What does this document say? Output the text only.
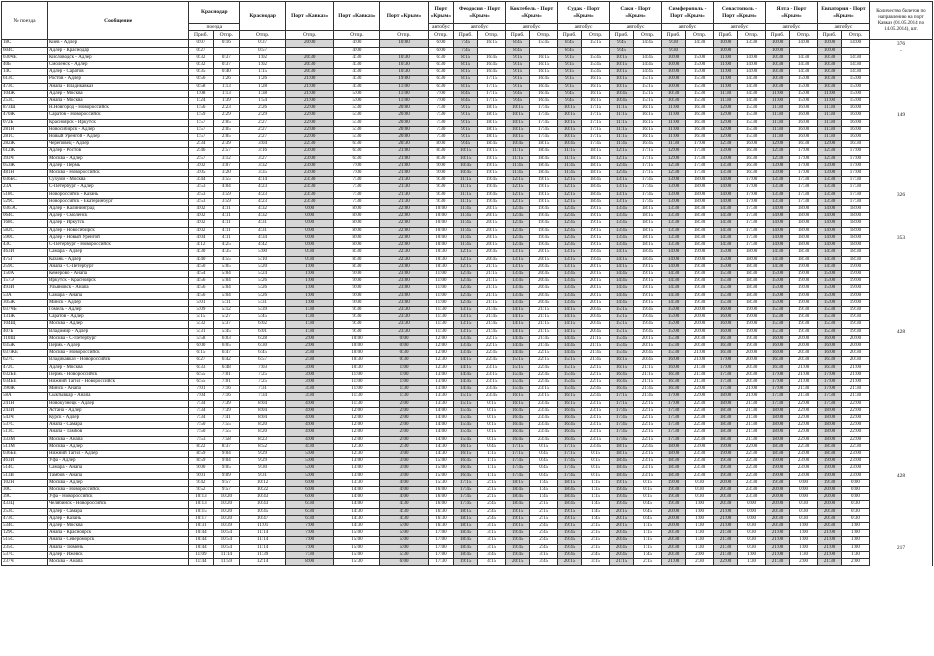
№ поезда	Сообщение	Краснодар		Краснодар	Порт «Кавказ»	Порт «Кавказ»	Порт «Крым»	Порт «Крым»	Феодосия - Порт «Крым»		Коктебель - Порт «Крым»		Судак - Порт «Крым»		Саки - Порт «Крым»		Симферополь - Порт «Крым»		Севастополь - Порт «Крым»		Ялта - Порт «Крым»		Евпатория - Порт «Крым»		Количество билетов по направлению на порт Кавказ (01.05.2014 по 14.05.2014), шт.
		поезда						автобус	автобус		автобус		автобус		автобус		автобус		автобус		автобус		автобус		
		Приб.	Отпр.	Отпр.	Отпр.	Отпр.	Отпр.	Отпр.	Приб.	Отпр.	Приб.	Отпр.	Приб.	Отпр.	Приб.	Отпр.	Приб.	Отпр.	Приб.	Отпр.	Приб.	Отпр.	Приб.	Отпр.	
18С	Киев - Адлер	0:07	0:16	0:37	20:00	4:00	10:00	6:00	7:45	16:15	8:45	15:45	8:45	15:15	9:45	14:45	9:30	14:30	10:00	13:30	10:00	14:00	10:00	14:00	376
604С	Адлер - Краснодар	0:27		0:57		4:00		6:00	7:45		8:45		8:45		9:45		9:30		10:00		10:00		10:00		-
030ЧЕ	Кисловодск - Адлер	0:32	0:37	1:02	20:30	4:30	10:30	6:30	8:15	16:45	9:15	16:15	9:15	15:45	10:15	14:45	10:00	15:00	11:00	14:00	10:30	14:30	10:30	14:30	
40Б	Смоленск - Адлер	0:32	0:37	1:02	20:30	4:30	10:30	6:30	8:15	16:45	9:15	16:15	9:15	15:45	10:15	14:45	10:00	15:00	11:00	14:00	10:30	14:30	10:30	14:30	
14С	Адлер - Саратов	0:35	0:40	1:15	20:30	4:30	10:30	6:30	8:15	16:45	9:15	16:15	9:15	15:45	10:15	14:45	10:00	15:00	11:00	14:00	10:30	14:30	10:30	14:30	
613С	Ростов - Адлер	0:56	1:26	1:26	21:00	4:30	19:00	6:30	8:15	17:15	9:15	16:45	9:15	16:15	10:15	15:15	10:00	15:30	11:00	14:30	10:30	15:00	10:30	15:00	
473С	Анапа - Владикавказ	0:58	1:13	1:28	21:00	4:30	11:00	6:30	8:15	17:15	9:15	16:45	9:15	16:15	10:15	15:15	10:00	15:30	11:00	14:30	10:30	15:00	10:30	15:00	
104Ж	Адлер - Москва	1:08	1:13	1:38	21:00	5:00	11:00	7:00	8:45	17:15	9:45	16:45	9:45	16:15	10:45	15:15	10:30	15:30	11:30	14:30	11:00	15:00	11:00	15:00	
253С	Анапа - Москва	1:24	1:39	1:54	21:00	5:00	11:00	7:00	8:45	17:15	9:45	16:45	9:45	16:15	10:45	15:15	10:30	15:30	11:30	14:30	11:00	15:00	11:00	15:00	
873Ш	Н.Новгород - Новороссийск	1:56	2:23	2:26	22:00	5:30	20:00	7:30	9:15	18:15	10:15	17:45	10:15	17:15	11:15	16:15	11:00	16:30	12:00	15:30	11:30	16:00	11:30	16:00	
470Ж	Саратов - Новороссийск	1:59	2:29	2:29	22:00	5:30	20:00	7:30	9:15	18:15	10:15	17:45	10:15	17:15	11:15	16:15	11:00	16:30	12:00	15:30	11:30	16:00	11:30	16:00	149
072Б	Красноярск - Иркутск	1:57	2:05	2:27	22:00	5:30	20:00	7:30	9:15	18:15	10:15	17:45	10:15	17:15	11:15	16:15	11:00	16:30	12:00	15:30	11:30	16:00	11:30	16:00	
281Н	Новосибирск - Адлер	1:57	2:05	2:27	22:00	5:30	20:00	7:30	9:15	18:15	10:15	17:45	10:15	17:15	11:15	16:15	11:00	16:30	12:00	15:30	11:30	16:00	11:30	16:00	
281С	Новый Уренгой - Адлер	1:57	2:05	2:27	22:00	5:30	20:00	7:30	9:15	18:15	10:15	17:45	10:15	17:15	11:15	16:15	11:00	16:30	12:00	15:30	11:30	16:00	11:30	16:00	
282Ж	Череповец - Адлер	2:34	2:39	3:04	22:30	6:30	20:30	8:00	9:45	18:45	10:45	18:15	10:45	17:45	11:45	16:45	11:30	17:00	12:30	16:00	12:00	16:30	12:00	16:30	
612Ж	Адлер - Ростов	2:46	2:57	3:16	23:00	6:30	21:00	8:30	10:15	19:15	11:15	18:45	11:15	18:15	12:15	17:15	12:00	17:30	13:00	16:30	12:30	17:00	12:30	17:00	
393Ч	Москва - Адлер	2:57	3:12	3:27	23:00	6:30	21:00	8:30	10:15	19:15	11:15	18:45	11:15	18:15	12:15	17:15	12:00	17:30	13:00	16:30	12:30	17:00	12:30	17:00	
053Ж	Адлер - Пермь	3:02	3:07	3:32	23:00	7:00	21:00	9:00	10:45	19:15	11:45	18:45	11:45	18:15	12:45	17:15	12:30	17:30	13:30	16:30	13:00	17:00	13:00	17:00	
481Н	Москва - Новороссийск	3:05	3:20	3:35	23:00	7:00	21:00	9:00	10:45	19:15	11:45	18:45	11:45	18:15	12:45	17:15	12:30	17:30	13:30	16:30	13:00	17:00	13:00	17:00	
036БС	Сухуми - Москва	3:44	3:55	4:14	23:30	7:30	21:30	9:30	11:15	19:45	12:15	19:15	12:15	18:45	13:15	17:45	13:00	18:00	14:00	17:00	13:30	17:30	13:30	17:30	
23А	С-Петербург - Адлер	3:53	4:04	4:23	23:30	7:30	21:30	9:30	11:15	19:45	12:15	19:15	12:15	18:45	13:15	17:45	13:00	18:00	14:00	17:00	13:30	17:30	13:30	17:30	
518С	Новороссийск - Казань	3:53	3:59	4:23	23:30	7:30	21:30	9:30	11:15	19:45	12:15	19:15	12:15	18:45	13:15	17:45	13:00	18:00	14:00	17:00	13:30	17:30	13:30	17:30	326
529С	Новороссийск - Екатеринбург	3:53	3:59	4:23	23:30	7:30	21:30	9:30	11:15	19:45	12:15	19:15	12:15	18:45	13:15	17:45	13:00	18:00	14:00	17:00	13:30	17:30	13:30	17:30	
036ЭС	Адлер - Калининград	4:02	4:11	4:32	0:00	8:00	22:00	10:00	11:45	20:15	12:45	19:45	12:45	19:15	13:45	18:15	13:30	18:30	14:30	17:30	14:00	18:00	14:00	18:00	
064С	Адлер - Смоленск	4:02	4:11	4:32	0:00	8:00	22:00	10:00	11:45	20:15	12:45	19:45	12:45	19:15	13:45	18:15	13:30	18:30	14:30	17:30	14:00	18:00	14:00	18:00	
168С	Адлер - Иркутск	4:02	4:11	4:31	0:00	8:00	22:00	10:00	11:45	20:15	12:45	19:45	12:45	19:15	13:45	18:15	13:30	18:30	14:30	17:30	14:00	18:00	14:00	18:00	
582С	Адлер - Новосибирск	4:02	4:11	4:31	0:00	8:00	22:00	10:00	11:45	20:15	12:45	19:45	12:45	19:15	13:45	18:15	13:30	18:30	14:30	17:30	14:00	18:00	14:00	18:00	
590С	Адлер - Новый Уренгой	4:04	4:11	4:34	0:00	8:00	22:00	10:00	11:45	20:15	12:45	19:45	12:45	19:15	13:45	18:15	13:30	18:30	14:30	17:30	14:00	18:00	14:00	18:00	353
43С	С-Петербург - Новороссийск	4:12	4:25	4:42	0:00	8:00	22:00	10:00	11:45	20:15	12:45	19:45	12:45	19:15	13:45	18:15	13:30	18:30	14:30	17:30	14:00	18:00	14:00	18:00	
463И	Самара - Адлер	4:30	4:35	5:00	0:30	8:30	22:30	10:30	12:15	20:45	13:15	20:15	13:15	19:45	14:15	18:45	14:00	19:00	15:00	18:00	14:30	18:30	14:30	18:30	
475Г	Казань - Адлер	4:40	4:55	5:10	0:30	8:30	22:30	10:30	12:15	20:45	13:15	20:15	13:15	19:45	14:15	18:45	14:00	19:00	15:00	18:00	14:30	18:30	14:30	18:30	
259С	Анапа - С-Петербург	4:50	5:05	5:20	1:00	8:30	23:00	10:30	12:15	21:15	13:15	20:45	13:15	20:15	14:15	19:15	14:00	19:30	15:00	18:30	14:30	19:00	14:30	19:00	
150А	Кемерово - Анапа	4:54	5:04	5:24	1:00	9:00	23:00	11:00	12:45	21:15	13:45	20:45	13:45	20:15	14:45	19:15	14:30	19:30	15:30	18:30	15:00	19:00	15:00	19:00	
157Э	Иркутск - Красноярск	4:56	5:04	5:26	1:00	9:00	23:00	11:00	12:45	21:15	13:45	20:45	13:45	20:15	14:45	19:15	14:30	19:30	15:30	18:30	15:00	19:00	15:00	19:00	
493И	Ульяновск - Анапа	4:56	5:04	5:26	1:00	9:00	23:00	11:00	12:45	21:15	13:45	20:45	13:45	20:15	14:45	19:15	14:30	19:30	15:30	18:30	15:00	19:00	15:00	19:00	
53А	Самара - Анапа	4:56	5:04	5:26	1:00	9:00	23:00	11:00	12:45	21:15	13:45	20:45	13:45	20:15	14:45	19:15	14:30	19:30	15:30	18:30	15:00	19:00	15:00	19:00	
305Ж	Минск - Адлер	5:01	5:11	5:31	1:00	9:00	23:00	11:00	12:45	21:15	13:45	20:45	13:45	20:15	14:45	19:15	14:30	19:30	15:30	18:30	15:00	19:00	15:00	19:00	
037ЧБ	Гомель - Адлер	5:09	5:12	5:39	1:30	9:30	23:30	11:30	13:15	21:45	14:15	21:15	14:15	20:45	15:15	19:45	15:00	20:00	16:00	19:00	15:30	19:30	15:30	19:30	
131Ж	Саратов - Адлер	5:15	5:27	5:45	1:30	9:30	23:30	11:30	13:15	21:45	14:15	21:15	14:15	20:45	15:15	19:45	15:00	20:00	16:00	19:00	15:30	19:30	15:30	19:30	
104Щ	Москва - Адлер	5:32	5:37	6:02	1:30	9:30	23:30	11:30	13:15	21:45	14:15	21:15	14:15	20:45	15:15	19:45	15:00	20:00	16:00	19:00	15:30	19:30	15:30	19:30	
407Б	Владимир - Адлер	5:31	5:45	6:01	1:30	9:30	23:30	11:30	13:15	21:45	14:15	21:15	14:15	20:45	15:15	19:45	15:00	20:00	16:00	19:00	15:30	19:30	15:30	19:30	428
110Ш	Москва - С-Петербург	5:58	6:03	6:28	2:00	10:00	0:00	12:00	13:45	22:15	14:45	21:45	14:45	21:15	15:45	20:15	15:30	20:30	16:30	19:30	16:00	20:00	16:00	20:00	
035Ж	Пермь - Адлер	6:00	6:05	6:30	2:00	10:00	0:00	12:00	13:45	22:15	14:45	21:45	14:45	21:15	15:45	20:15	15:30	20:30	16:30	19:30	16:00	20:00	16:00	20:00	
037ЖЕ	Москва - Новороссийск	6:15	6:47	6:45	2:30	10:00	0:30	12:00	13:45	22:45	14:45	22:15	14:45	21:45	15:45	20:45	15:30	21:00	16:30	20:00	16:00	20:30	16:00	20:30	
627С	Владикавказ - Новороссийск	6:27	6:42	6:57	2:30	10:30	0:30	12:30	14:15	22:45	15:15	22:15	15:15	21:45	16:15	20:45	16:00	21:00	17:00	20:00	16:30	20:30	16:30	20:30	
472С	Адлер - Москва	6:33	6:48	7:03	3:00	10:30	1:00	12:30	14:15	23:15	15:15	22:45	15:15	22:15	16:15	21:15	16:00	21:30	17:00	20:30	16:30	21:00	16:30	21:00	
032БЕ	Пермь - Новороссийск	6:55	7:01	7:25	3:00	11:00	1:00	13:00	14:45	23:15	15:45	22:45	15:45	22:15	16:45	21:15	16:30	21:30	17:30	20:30	17:00	21:00	17:00	21:00	
034БЕ	Нижний Тагил - Новороссийск	6:55	7:01	7:25	3:00	11:00	1:00	13:00	14:45	23:15	15:45	22:45	15:45	22:15	16:45	21:15	16:30	21:30	17:30	20:30	17:00	21:00	17:00	21:00	
390Ж	Минск - Анапа	7:01	7:16	7:31	3:30	11:00	1:30	13:00	14:45	23:45	15:45	23:15	15:45	22:45	16:45	21:45	16:30	22:00	17:30	21:00	17:00	21:30	17:00	21:30	
58А	Сыктывкар - Анапа	7:04	7:16	7:34	3:30	11:30	1:30	13:30	15:15	23:45	16:15	23:15	16:15	22:45	17:15	21:45	17:00	22:00	18:00	21:00	17:30	21:30	17:30	21:30	
241Н	Новокузнецк - Адлер	7:34	7:39	8:04	4:00	11:30	2:00	13:30	15:15	0:15	16:15	23:45	16:15	23:15	17:15	22:15	17:00	22:30	18:00	21:30	17:30	22:00	17:30	22:00	
243И	Астана - Адлер	7:34	7:39	8:04	4:00	12:00	2:00	14:00	15:45	0:15	16:45	23:45	16:45	23:15	17:45	22:15	17:30	22:30	18:30	21:30	18:00	22:00	18:00	22:00	
543Ч	Курск - Адлер	7:34	7:41	8:04	4:00	12:00	2:00	14:00	15:45	0:15	16:45	23:45	16:45	23:15	17:45	22:15	17:30	22:30	18:30	21:30	18:00	22:00	18:00	22:00	
537С	Анапа - Самара	7:50	7:55	8:20	4:00	12:00	2:00	14:00	15:45	0:15	16:45	23:45	16:45	23:15	17:45	22:15	17:30	22:30	18:30	21:30	18:00	22:00	18:00	22:00	
513С	Анапа - Тамбов	7:50	7:55	8:20	4:00	12:00	2:00	14:00	15:45	0:15	16:45	23:45	16:45	23:15	17:45	22:15	17:30	22:30	18:30	21:30	18:00	22:00	18:00	22:00	
333М	Москва - Анапа	7:53	7:58	8:23	4:00	12:00	2:00	14:00	15:45	0:15	16:45	23:45	16:45	23:15	17:45	22:15	17:30	22:30	18:30	21:30	18:00	22:00	18:00	22:00	
511М	Москва - Адлер	8:22	8:37	8:52	4:30	12:30	2:30	14:30	16:15	0:45	17:15	0:15	17:15	23:45	18:15	22:45	18:00	23:00	19:00	22:00	18:30	22:30	18:30	22:30	
036БЕ	Нижний Тагил - Адлер	8:59	9:04	9:29	5:00	12:30	3:00	14:30	16:15	1:15	17:15	0:45	17:15	0:15	18:15	23:15	18:00	23:30	19:00	22:30	18:30	23:00	18:30	23:00	
463И	Уфа - Адлер	8:59	9:04	9:29	5:00	13:00	3:00	15:00	16:45	1:15	17:45	0:45	17:45	0:15	18:45	23:15	18:30	23:30	19:30	22:30	19:00	23:00	19:00	23:00	
514С	Самара - Анапа	9:00	9:05	9:30	5:00	13:00	3:00	15:00	16:45	1:15	17:45	0:45	17:45	0:15	18:45	23:15	18:30	23:30	19:30	22:30	19:00	23:00	19:00	23:00	
513В	Тамбов - Анапа	9:01	9:09	9:31	5:00	13:00	3:00	15:00	16:45	1:15	17:45	0:45	17:45	0:15	18:45	23:15	18:30	23:30	19:30	22:30	19:00	23:00	19:00	23:00	428
102Н	Москва - Адлер	9:42	9:57	10:12	6:00	13:30	4:00	15:30	17:15	2:15	18:15	1:45	18:15	1:15	19:15	0:15	19:00	0:30	20:00	23:30	19:30	0:00	19:30	0:00	
30С	Москва - Новороссийск	9:52	9:57	10:22	6:00	14:00	4:00	16:00	17:45	2:15	18:45	1:45	18:45	1:15	19:45	0:15	19:30	0:30	20:30	23:30	20:00	0:00	20:00	0:00	
39С	Уфа - Новороссийск	10:13	10:20	10:43	6:00	14:00	4:00	16:00	17:45	2:15	18:45	1:45	18:45	1:15	19:45	0:15	19:30	0:30	20:30	23:30	20:00	0:00	20:00	0:00	
433Ц	Челябинск - Новороссийск	10:13	10:20	10:43	6:30	14:00	4:30	16:00	17:45	2:45	18:45	2:15	18:45	1:45	19:45	0:45	19:30	1:00	20:30	0:00	20:00	0:30	20:00	0:30	
253С	Адлер - Самара	10:15	10:20	10:45	6:30	14:30	4:30	16:30	18:15	2:45	19:15	2:15	19:15	1:45	20:15	0:45	20:00	1:00	21:00	0:00	20:30	0:30	20:30	0:30	
473С	Адлер - Казань	10:17	10:20	10:47	6:30	14:30	4:30	16:30	18:15	2:45	19:15	2:15	19:15	1:45	20:15	0:45	20:00	1:00	21:00	0:00	20:30	0:30	20:30	0:30	
534С	Адлер - Москва	10:31	10:39	11:01	7:00	14:30	5:00	16:30	18:15	3:15	19:15	2:45	19:15	2:15	20:15	1:15	20:00	1:30	21:00	0:30	20:30	1:00	20:30	1:00	
129С	Анапа - Красноярск	10:44	10:54	11:14	7:00	15:00	5:00	17:00	18:45	3:15	19:45	2:45	19:45	2:15	20:45	1:15	20:30	1:30	21:30	0:30	21:00	1:00	21:00	1:00	
515С	Анапа - Североморск	10:44	10:54	11:14	7:00	15:00	5:00	17:00	18:45	3:15	19:45	2:45	19:45	2:15	20:45	1:15	20:30	1:30	21:30	0:30	21:00	1:00	21:00	1:00	
235С	Анапа - Тюмень	10:44	10:54	11:14	7:00	15:00	5:00	17:00	18:45	3:15	19:45	2:45	19:45	2:15	20:45	1:15	20:30	1:30	21:30	0:30	21:00	1:00	21:00	1:00	217
537С	Адлер - Ижевск	11:09	11:14	11:39	7:30	15:00	5:30	17:00	18:45	3:45	19:45	3:15	19:45	2:45	20:45	1:45	20:30	2:00	21:30	1:00	21:00	1:30	21:00	1:30	
237Ч	Москва - Анапа	11:44	11:59	12:14	8:00	15:30	6:00	17:30	19:15	4:15	20:15	3:45	20:15	3:15	21:15	2:15	21:00	2:30	22:00	1:30	21:30	2:00	21:30	2:00	
